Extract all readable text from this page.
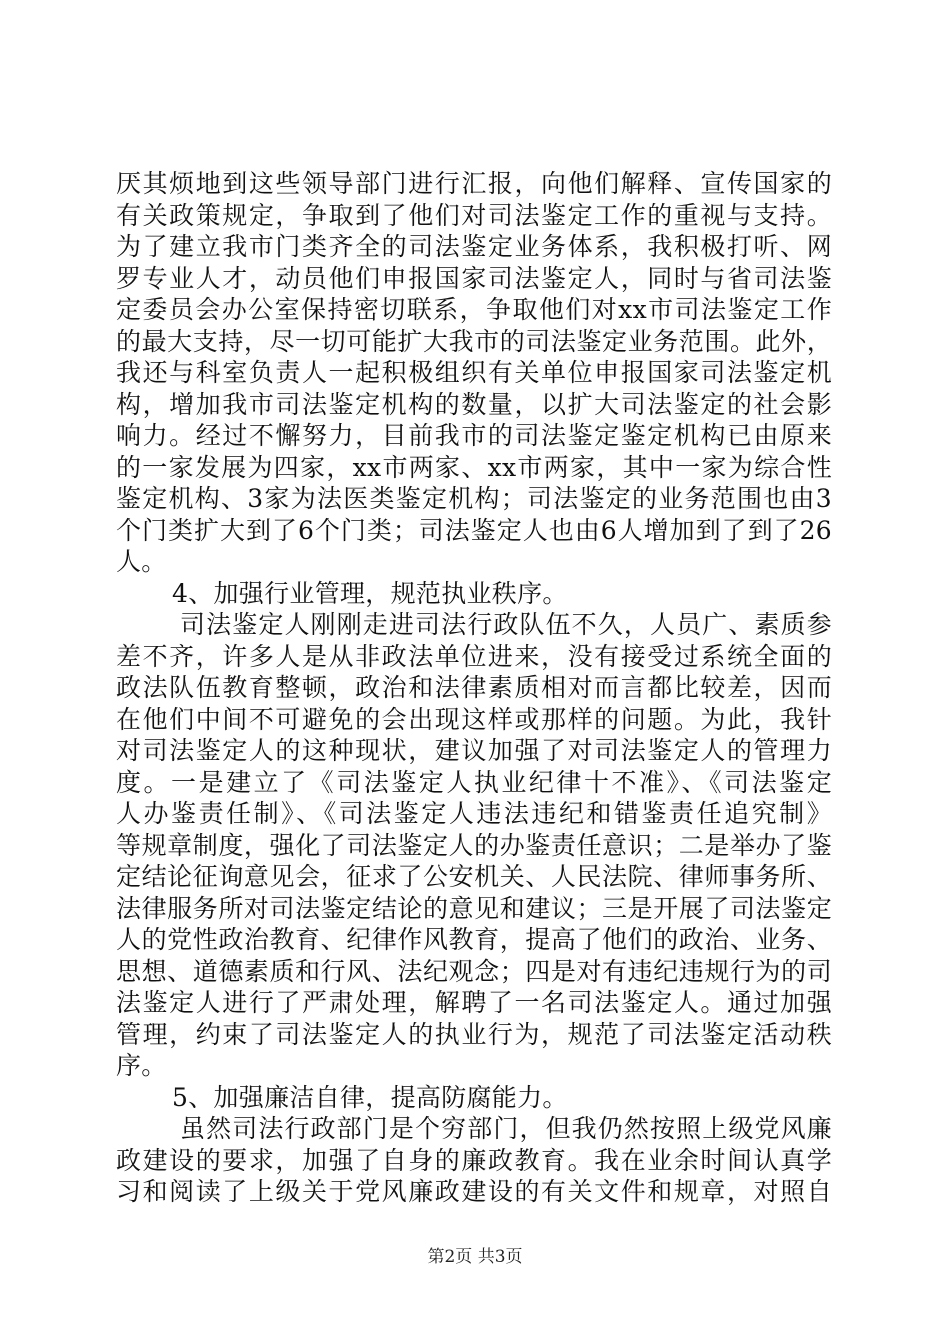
厌其烦地到这些领导部门进行汇报，向他们解释、宣传国家的
有关政策规定，争取到了他们对司法鉴定工作的重视与支持。
为了建立我市门类齐全的司法鉴定业务体系，我积极打听、网
罗专业人才，动员他们申报国家司法鉴定人，同时与省司法鉴
定委员会办公室保持密切联系，争取他们对xx市司法鉴定工作
的最大支持，尽一切可能扩大我市的司法鉴定业务范围。此外，
我还与科室负责人一起积极组织有关单位申报国家司法鉴定机
构，增加我市司法鉴定机构的数量，以扩大司法鉴定的社会影
响力。经过不懈努力，目前我市的司法鉴定鉴定机构已由原来
的一家发展为四家，xx市两家、xx市两家，其中一家为综合性
鉴定机构、3家为法医类鉴定机构；司法鉴定的业务范围也由3
个门类扩大到了6个门类；司法鉴定人也由6人增加到了到了26
人。
4、加强行业管理，规范执业秩序。
司法鉴定人刚刚走进司法行政队伍不久，人员广、素质参
差不齐，许多人是从非政法单位进来，没有接受过系统全面的
政法队伍教育整顿，政治和法律素质相对而言都比较差，因而
在他们中间不可避免的会出现这样或那样的问题。为此，我针
对司法鉴定人的这种现状，建议加强了对司法鉴定人的管理力
度。一是建立了《司法鉴定人执业纪律十不准》、《司法鉴定
人办鉴责任制》、《司法鉴定人违法违纪和错鉴责任追究制》
等规章制度，强化了司法鉴定人的办鉴责任意识；二是举办了鉴
定结论征询意见会，征求了公安机关、人民法院、律师事务所、
法律服务所对司法鉴定结论的意见和建议；三是开展了司法鉴定
人的党性政治教育、纪律作风教育，提高了他们的政治、业务、
思想、道德素质和行风、法纪观念；四是对有违纪违规行为的司
法鉴定人进行了严肃处理，解聘了一名司法鉴定人。通过加强
管理，约束了司法鉴定人的执业行为，规范了司法鉴定活动秩
序。
5、加强廉洁自律，提高防腐能力。
虽然司法行政部门是个穷部门，但我仍然按照上级党风廉
政建设的要求，加强了自身的廉政教育。我在业余时间认真学
习和阅读了上级关于党风廉政建设的有关文件和规章，对照自
第2页 共3页
